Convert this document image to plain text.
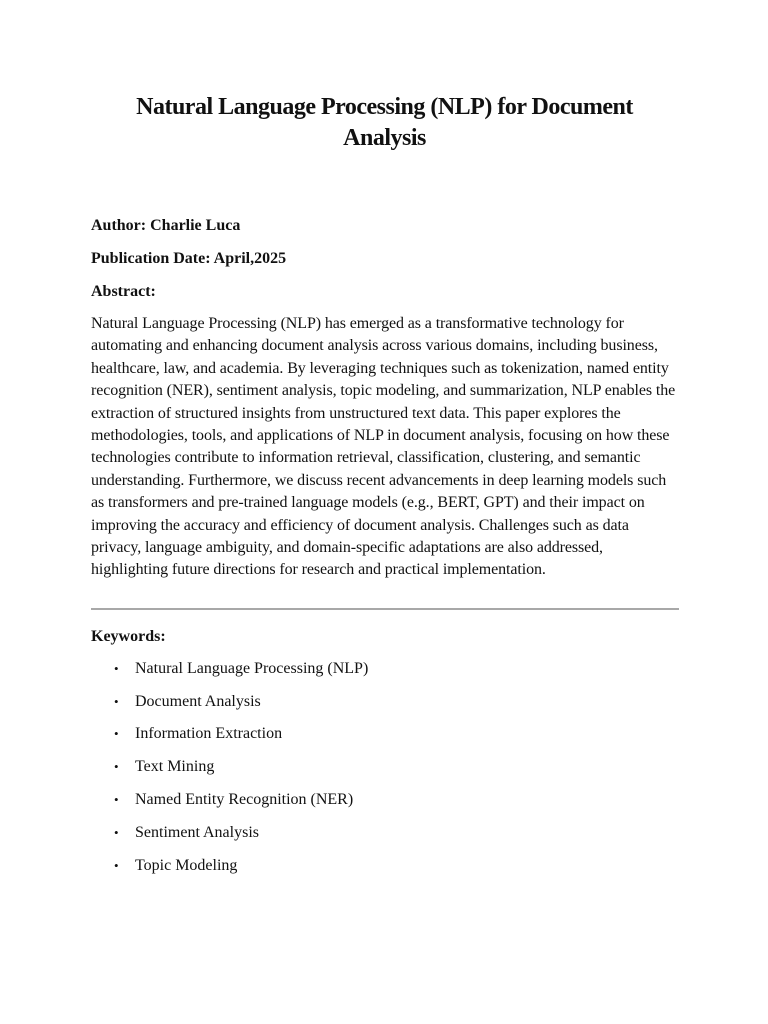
Natural Language Processing (NLP) for Document Analysis

Author: Charlie Luca

Publication Date: April,2025

Abstract:

Natural Language Processing (NLP) has emerged as a transformative technology for automating and enhancing document analysis across various domains, including business, healthcare, law, and academia. By leveraging techniques such as tokenization, named entity recognition (NER), sentiment analysis, topic modeling, and summarization, NLP enables the extraction of structured insights from unstructured text data. This paper explores the methodologies, tools, and applications of NLP in document analysis, focusing on how these technologies contribute to information retrieval, classification, clustering, and semantic understanding. Furthermore, we discuss recent advancements in deep learning models such as transformers and pre-trained language models (e.g., BERT, GPT) and their impact on improving the accuracy and efficiency of document analysis. Challenges such as data privacy, language ambiguity, and domain-specific adaptations are also addressed, highlighting future directions for research and practical implementation.

Keywords:

• Natural Language Processing (NLP)
• Document Analysis
• Information Extraction
• Text Mining
• Named Entity Recognition (NER)
• Sentiment Analysis
• Topic Modeling
